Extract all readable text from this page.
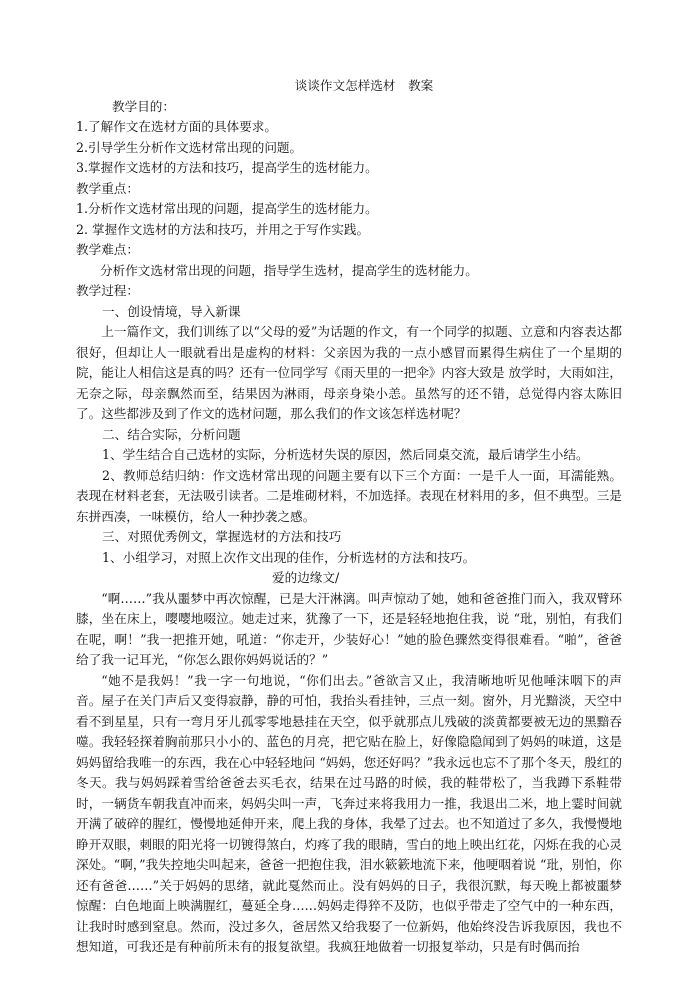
谈谈作文怎样选材　教案

教学目的：

1.了解作文在选材方面的具体要求。

2.引导学生分析作文选材常出现的问题。

3.掌握作文选材的方法和技巧，提高学生的选材能力。

教学重点：

1.分析作文选材常出现的问题，提高学生的选材能力。

2. 掌握作文选材的方法和技巧，并用之于写作实践。

教学难点：

分析作文选材常出现的问题，指导学生选材，提高学生的选材能力。

教学过程：

一、创设情境，导入新课

上一篇作文，我们训练了以“父母的爱”为话题的作文，有一个同学的拟题、立意和内容表达都很好，但却让人一眼就看出是虚构的材料：父亲因为我的一点小感冒而累得生病住了一个星期的院，能让人相信这是真的吗？还有一位同学写《雨天里的一把伞》内容大致是 放学时，大雨如注，无奈之际，母亲飘然而至，结果因为淋雨，母亲身染小恙。虽然写的还不错，总觉得内容太陈旧了。这些都涉及到了作文的选材问题，那么我们的作文该怎样选材呢？

二、结合实际，分析问题

1、学生结合自己选材的实际，分析选材失误的原因，然后同桌交流，最后请学生小结。

2、教师总结归纳：作文选材常出现的问题主要有以下三个方面：一是千人一面，耳濡能熟。表现在材料老套，无法吸引读者。二是堆砌材料，不加选择。表现在材料用的多，但不典型。三是东拼西凑，一味模仿，给人一种抄袭之感。

三、对照优秀例文，掌握选材的方法和技巧

1、小组学习，对照上次作文出现的佳作，分析选材的方法和技巧。

爱的边缘文/

“啊……”我从噩梦中再次惊醒，已是大汗淋漓。叫声惊动了她，她和爸爸推门而入，我双臂环膝，坐在床上，嘤嘤地啜泣。她走过来，犹豫了一下，还是轻轻地抱住我，说 “玭，别怕，有我们在呢，啊！”我一把推开她，吼道：“你走开，少装好心！”她的脸色骤然变得很难看。“啪”，爸爸给了我一记耳光，“你怎么跟你妈妈说话的？”

“她不是我妈！”我一字一句地说，“你们出去。”爸欲言又止，我清晰地听见他唾沫咽下的声音。屋子在关门声后又变得寂静，静的可怕，我抬头看挂钟，三点一刻。窗外，月光黯淡，天空中看不到星星，只有一弯月牙儿孤零零地悬挂在天空，似乎就那点儿残破的淡黄都要被无边的黑黯吞噬。我轻轻探着胸前那只小小的、蓝色的月亮，把它贴在脸上，好像隐隐闻到了妈妈的味道，这是妈妈留给我唯一的东西，我在心中轻轻地问 “妈妈，您还好吗？”我永远也忘不了那个冬天，殷红的冬天。我与妈妈踩着雪给爸爸去买毛衣，结果在过马路的时候，我的鞋带松了，当我蹲下系鞋带时，一辆货车朝我直冲而来，妈妈尖叫一声，飞奔过来将我用力一推，我退出二米，地上霎时间就开满了破碎的腥红，慢慢地延伸开来，爬上我的身体，我晕了过去。也不知道过了多久，我慢慢地睁开双眼，刺眼的阳光将一切镀得煞白，灼疼了我的眼睛，雪白的地上映出红花，闪烁在我的心灵深处。“啊，”我失控地尖叫起来，爸爸一把抱住我，泪水簌簌地流下来，他哽咽着说 “玭，别怕，你还有爸爸……”关于妈妈的思绪，就此戛然而止。没有妈妈的日子，我很沉默，每天晚上都被噩梦惊醒：白色地面上映满腥红，蔓延全身……妈妈走得猝不及防，也似乎带走了空气中的一种东西，让我时时感到窒息。然而，没过多久，爸居然又给我娶了一位新妈，他始终没告诉我原因，我也不想知道，可我还是有种前所未有的报复欲望。我疯狂地做着一切报复举动，只是有时偶而抬
